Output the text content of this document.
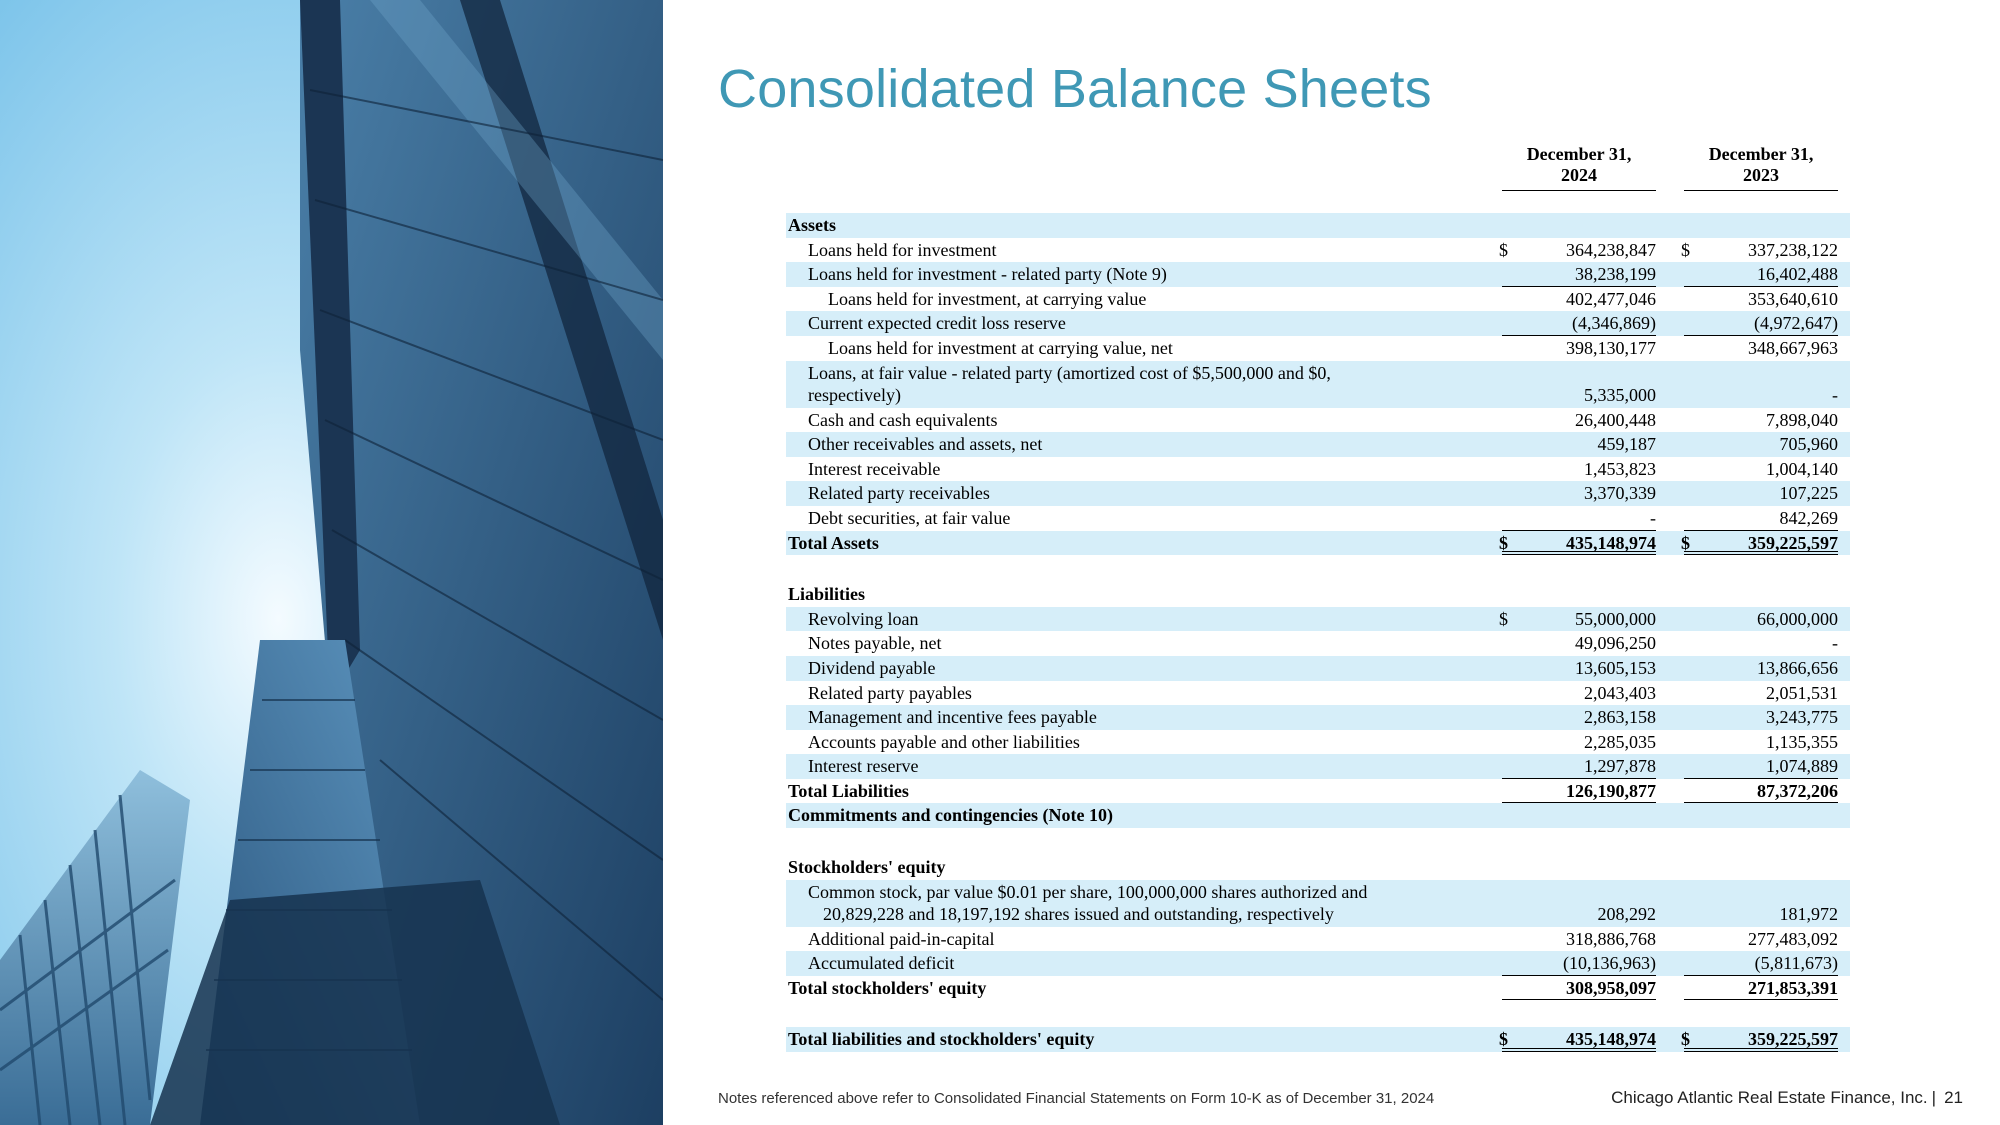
Consolidated Balance Sheets
December 31,
2024
December 31,
2023
Assets
Loans held for investment	$	364,238,847 $	337,238,122
Loans held for investment - related party (Note 9)	38,238,199	16,402,488
Loans held for investment, at carrying value	402,477,046	353,640,610
Current expected credit loss reserve	(4,346,869)	(4,972,647)
Loans held for investment at carrying value, net	398,130,177	348,667,963
Loans, at fair value - related party (amortized cost of $5,500,000 and $0,
respectively)	5,335,000	-
Cash and cash equivalents	26,400,448	7,898,040
Other receivables and assets, net	459,187	705,960
Interest receivable	1,453,823	1,004,140
Related party receivables	3,370,339	107,225
Debt securities, at fair value	-	842,269
Total Assets	$	435,148,974 $	359,225,597
Liabilities
Revolving loan	$	55,000,000	66,000,000
Notes payable, net	49,096,250	-
Dividend payable	13,605,153	13,866,656
Related party payables	2,043,403	2,051,531
Management and incentive fees payable	2,863,158	3,243,775
Accounts payable and other liabilities	2,285,035	1,135,355
Interest reserve	1,297,878	1,074,889
Total Liabilities	126,190,877	87,372,206
Commitments and contingencies (Note 10)
Stockholders' equity
Common stock, par value $0.01 per share, 100,000,000 shares authorized and
20,829,228 and 18,197,192 shares issued and outstanding, respectively	208,292	181,972
Additional paid-in-capital	318,886,768	277,483,092
Accumulated deficit	(10,136,963)	(5,811,673)
Total stockholders' equity	308,958,097	271,853,391
Total liabilities and stockholders' equity	$	435,148,974 $	359,225,597
Notes referenced above refer to Consolidated Financial Statements on Form 10-K as of December 31, 2024	Chicago Atlantic Real Estate Finance, Inc. | 21
